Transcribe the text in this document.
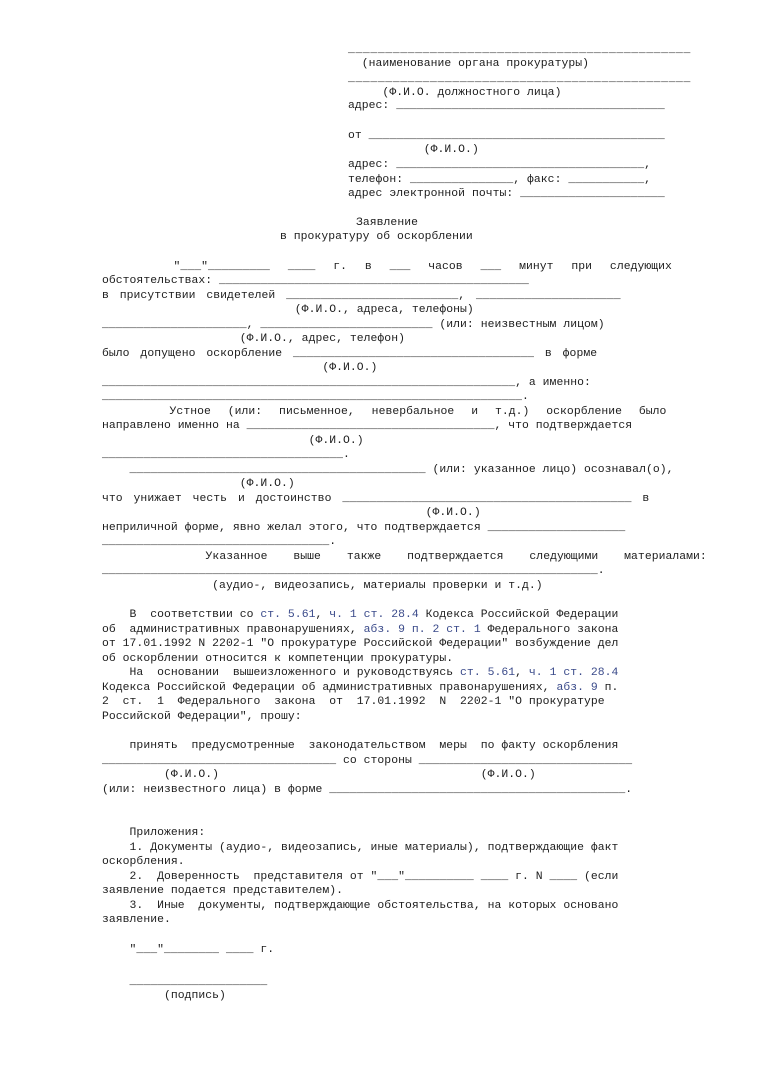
______________________________________________
(наименование органа прокуратуры)
______________________________________________
(Ф.И.О. должностного лица)
адрес: _______________________________________
от ___________________________________________
(Ф.И.О.)
адрес: ____________________________________,
телефон: _______________, факс: ___________,
адрес электронной почты: _____________________
Заявление
в прокуратуру об оскорблении
"___"_________ ____ г. в ___ часов ___ минут при следующих
обстоятельствах: _____________________________________________
в присутствии свидетелей _________________________, _____________________
(Ф.И.О., адреса, телефоны)
_____________________, _________________________ (или: неизвестным лицом)
(Ф.И.О., адрес, телефон)
было допущено оскорбление ___________________________________ в форме
(Ф.И.О.)
____________________________________________________________, а именно:
_____________________________________________________________.
Устное (или: письменное, невербальное и т.д.) оскорбление было
направлено именно на ____________________________________, что подтверждается
(Ф.И.О.)
___________________________________.
___________________________________________ (или: указанное лицо) осознавал(о),
(Ф.И.О.)
что унижает честь и достоинство __________________________________________ в
(Ф.И.О.)
неприличной форме, явно желал этого, что подтверждается ____________________
_________________________________.
Указанное выше также подтверждается следующими материалами:
________________________________________________________________________.
(аудио-, видеозапись, материалы проверки и т.д.)
В  соответствии со ст. 5.61, ч. 1 ст. 28.4 Кодекса Российской Федерации
об  административных правонарушениях, абз. 9 п. 2 ст. 1 Федерального закона
от 17.01.1992 N 2202-1 "О прокуратуре Российской Федерации" возбуждение дел
об оскорблении относится к компетенции прокуратуры.
На  основании  вышеизложенного и руководствуясь ст. 5.61, ч. 1 ст. 28.4
Кодекса Российской Федерации об административных правонарушениях, абз. 9 п.
2  ст.  1  Федерального  закона  от  17.01.1992  N  2202-1 "О прокуратуре
Российской Федерации", прошу:
принять  предусмотренные  законодательством  меры  по факту оскорбления
__________________________________ со стороны _______________________________
(Ф.И.О.)                                      (Ф.И.О.)
(или: неизвестного лица) в форме ___________________________________________.
Приложения:
1. Документы (аудио-, видеозапись, иные материалы), подтверждающие факт
оскорбления.
2.  Доверенность  представителя от "___"__________ ____ г. N ____ (если
заявление подается представителем).
3.  Иные  документы, подтверждающие обстоятельства, на которых основано
заявление.
"___"________ ____ г.
____________________
(подпись)
